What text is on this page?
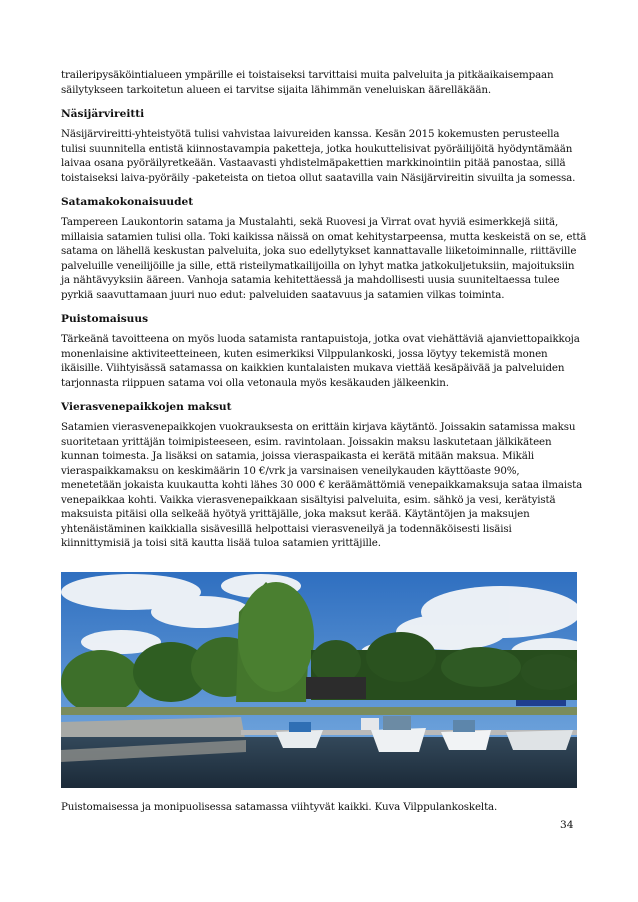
traileripysäköintialueen ympärille ei toistaiseksi tarvittaisi muita palveluita ja pitkäaikaisempaan
säilytykseen tarkoitetun alueen ei tarvitse sijaita lähimmän veneluiskan äärelläkään.

Näsijärvireitti

Näsijärvireitti-yhteistyötä tulisi vahvistaa laivureiden kanssa. Kesän 2015 kokemusten perusteella
tulisi suunnitella entistä kiinnostavampia paketteja, jotka houkuttelisivat pyöräilijöitä hyödyntämään
laivaa osana pyöräilyretkeään. Vastaavasti yhdistelmäpakettien markkinointiin pitää panostaa, sillä
toistaiseksi laiva-pyöräily -paketeista on tietoa ollut saatavilla vain Näsijärvireitin sivuilta ja somessa.

Satamakokonaisuudet

Tampereen Laukontorin satama ja Mustalahti, sekä Ruovesi ja Virrat ovat hyviä esimerkkejä siitä,
millaisia satamien tulisi olla. Toki kaikissa näissä on omat kehitystarpeensa, mutta keskeistä on se, että
satama on lähellä keskustan palveluita, joka suo edellytykset kannattavalle liiketoiminnalle, riittäville
palveluille veneilijöille ja sille, että risteilymatkailijoilla on lyhyt matka jatkokuljetuksiin, majoituksiin
ja nähtävyyksiin ääreen. Vanhoja satamia kehitettäessä ja mahdollisesti uusia suuniteltaessa tulee
pyrkiä saavuttamaan juuri nuo edut: palveluiden saatavuus ja satamien vilkas toiminta.

Puistomaisuus

Tärkeänä tavoitteena on myös luoda satamista rantapuistoja, jotka ovat viehättäviä ajanviettopaikkoja
monenlaisine aktiviteetteineen, kuten esimerkiksi Vilppulankoski, jossa löytyy tekemistä monen
ikäisille. Viihtyisässä satamassa on kaikkien kuntalaisten mukava viettää kesäpäivää ja palveluiden
tarjonnasta riippuen satama voi olla vetonaula myös kesäkauden jälkeenkin.

Vierasvenepaikkojen maksut

Satamien vierasvenepaikkojen vuokrauksesta on erittäin kirjava käytäntö. Joissakin satamissa maksu
suoritetaan yrittäjän toimipisteeseen, esim. ravintolaan. Joissakin maksu laskutetaan jälkikäteen
kunnan toimesta. Ja lisäksi on satamia, joissa vieraspaikasta ei kerätä mitään maksua. Mikäli
vieraspaikkamaksu on keskimäärin 10 €/vrk ja varsinaisen veneilykauden käyttöaste 90%,
menetetään jokaista kuukautta kohti lähes 30 000 € keräämättömiä venepaikkamaksuja sataa ilmaista
venepaikkaa kohti. Vaikka vierasvenepaikkaan sisältyisi palveluita, esim. sähkö ja vesi, kerätyistä
maksuista pitäisi olla selkeää hyötyä yrittäjälle, joka maksut kerää. Käytäntöjen ja maksujen
yhtenäistäminen kaikkialla sisävesillä helpottaisi vierasveneilyä ja todennäköisesti lisäisi
kiinnittymisiä ja toisi sitä kautta lisää tuloa satamien yrittäjille.

Puistomaisessa ja monipuolisessa satamassa viihtyvät kaikki. Kuva Vilppulankoskelta.
34
